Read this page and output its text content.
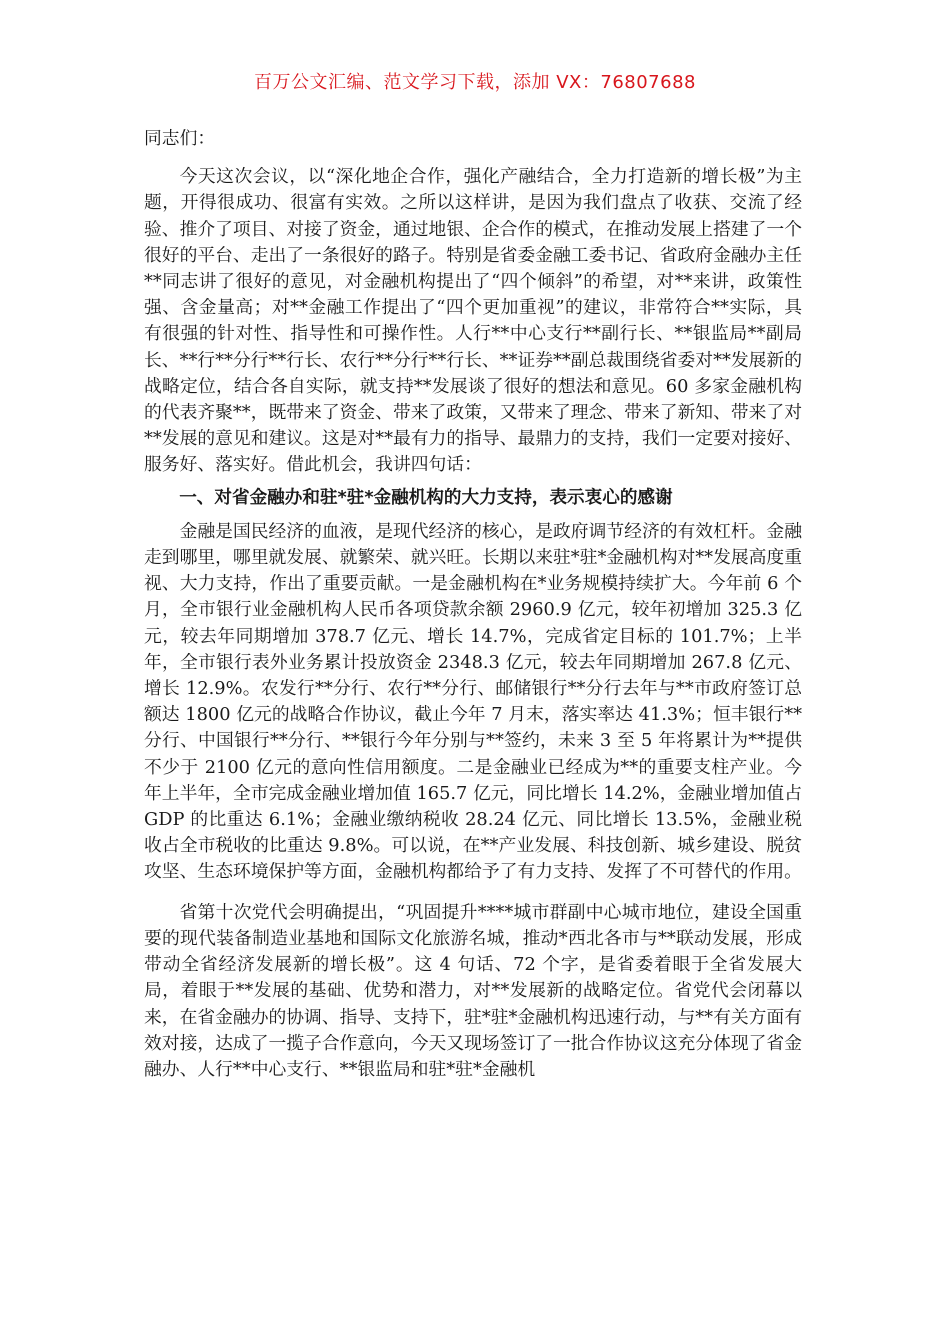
百万公文汇编、范文学习下载，添加 VX：76807688

同志们：

今天这次会议，以“深化地企合作，强化产融结合，全力打造新的增长极”为主题，开得很成功、很富有实效。之所以这样讲，是因为我们盘点了收获、交流了经验、推介了项目、对接了资金，通过地银、企合作的模式，在推动发展上搭建了一个很好的平台、走出了一条很好的路子。特别是省委金融工委书记、省政府金融办主任**同志讲了很好的意见，对金融机构提出了“四个倾斜”的希望，对**来讲，政策性强、含金量高；对**金融工作提出了“四个更加重视”的建议，非常符合**实际，具有很强的针对性、指导性和可操作性。人行**中心支行**副行长、**银监局**副局长、**行**分行**行长、农行**分行**行长、**证券**副总裁围绕省委对**发展新的战略定位，结合各自实际，就支持**发展谈了很好的想法和意见。60 多家金融机构的代表齐聚**，既带来了资金、带来了政策，又带来了理念、带来了新知、带来了对**发展的意见和建议。这是对**最有力的指导、最鼎力的支持，我们一定要对接好、服务好、落实好。借此机会，我讲四句话：

一、对省金融办和驻*驻*金融机构的大力支持，表示衷心的感谢

金融是国民经济的血液，是现代经济的核心，是政府调节经济的有效杠杆。金融走到哪里，哪里就发展、就繁荣、就兴旺。长期以来驻*驻*金融机构对**发展高度重视、大力支持，作出了重要贡献。一是金融机构在*业务规模持续扩大。今年前 6 个月，全市银行业金融机构人民币各项贷款余额 2960.9 亿元，较年初增加 325.3 亿元，较去年同期增加 378.7 亿元、增长 14.7%，完成省定目标的 101.7%；上半年，全市银行表外业务累计投放资金 2348.3 亿元，较去年同期增加 267.8 亿元、增长 12.9%。农发行**分行、农行**分行、邮储银行**分行去年与**市政府签订总额达 1800 亿元的战略合作协议，截止今年 7 月末，落实率达 41.3%；恒丰银行**分行、中国银行**分行、**银行今年分别与**签约，未来 3 至 5 年将累计为**提供不少于 2100 亿元的意向性信用额度。二是金融业已经成为**的重要支柱产业。今年上半年，全市完成金融业增加值 165.7 亿元，同比增长 14.2%，金融业增加值占 GDP 的比重达 6.1%；金融业缴纳税收 28.24 亿元、同比增长 13.5%，金融业税收占全市税收的比重达 9.8%。可以说，在**产业发展、科技创新、城乡建设、脱贫攻坚、生态环境保护等方面，金融机构都给予了有力支持、发挥了不可替代的作用。

省第十次党代会明确提出，“巩固提升****城市群副中心城市地位，建设全国重要的现代装备制造业基地和国际文化旅游名城，推动*西北各市与**联动发展，形成带动全省经济发展新的增长极”。这 4 句话、72 个字，是省委着眼于全省发展大局，着眼于**发展的基础、优势和潜力，对**发展新的战略定位。省党代会闭幕以来，在省金融办的协调、指导、支持下，驻*驻*金融机构迅速行动，与**有关方面有效对接，达成了一揽子合作意向，今天又现场签订了一批合作协议这充分体现了省金融办、人行**中心支行、**银监局和驻*驻*金融机
